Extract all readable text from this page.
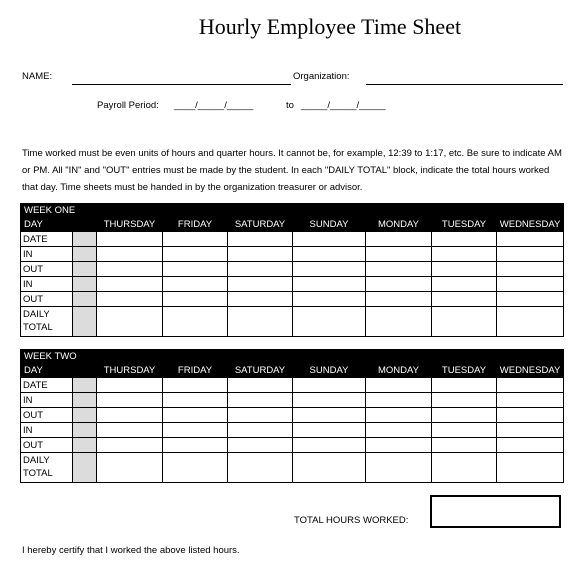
Hourly Employee Time Sheet
NAME:	Organization:
Payroll Period: ____/_____/_____	to _____/_____/_____
Time worked must be even units of hours and quarter hours. It cannot be, for example, 12:39 to 1:17, etc. Be sure to indicate AM or PM. All "IN" and "OUT" entries must be made by the student. In each "DAILY TOTAL" block, indicate the total hours worked that day. Time sheets must be handed in by the organization treasurer or advisor.
WEEK ONE								
DAY		THURSDAY	FRIDAY	SATURDAY	SUNDAY	MONDAY	TUESDAY	WEDNESDAY
DATE								
IN								
OUT								
IN								
OUT								
DAILY
TOTAL								
WEEK TWO								
DAY		THURSDAY	FRIDAY	SATURDAY	SUNDAY	MONDAY	TUESDAY	WEDNESDAY
DATE								
IN								
OUT								
IN								
OUT								
DAILY
TOTAL								
TOTAL HOURS WORKED:
I hereby certify that I worked the above listed hours.
